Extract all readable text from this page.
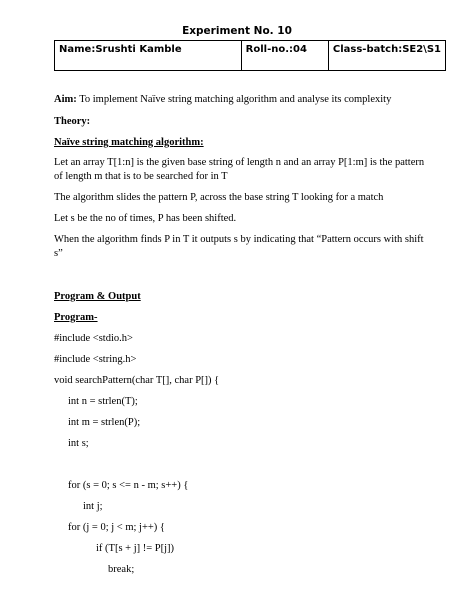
Experiment No. 10
Name:Srushti Kamble	Roll-no.:04	Class-batch:SE2\S1
Aim: To implement Naïve string matching algorithm and analyse its complexity
Theory:
Naïve string matching algorithm:
Let an array T[1:n] is the given base string of length n and an array P[1:m] is the pattern
of length m that is to be searched for in T
The algorithm slides the pattern P, across the base string T looking for a match
Let s be the no of times, P has been shifted.
When the algorithm finds P in T it outputs s by indicating that “Pattern occurs with shift
s”
Program & Output
Program-
#include <stdio.h>
#include <string.h>
void searchPattern(char T[], char P[]) {
int n = strlen(T);
int m = strlen(P);
int s;
for (s = 0; s <= n - m; s++) {
int j;
for (j = 0; j < m; j++) {
if (T[s + j] != P[j])
break;
